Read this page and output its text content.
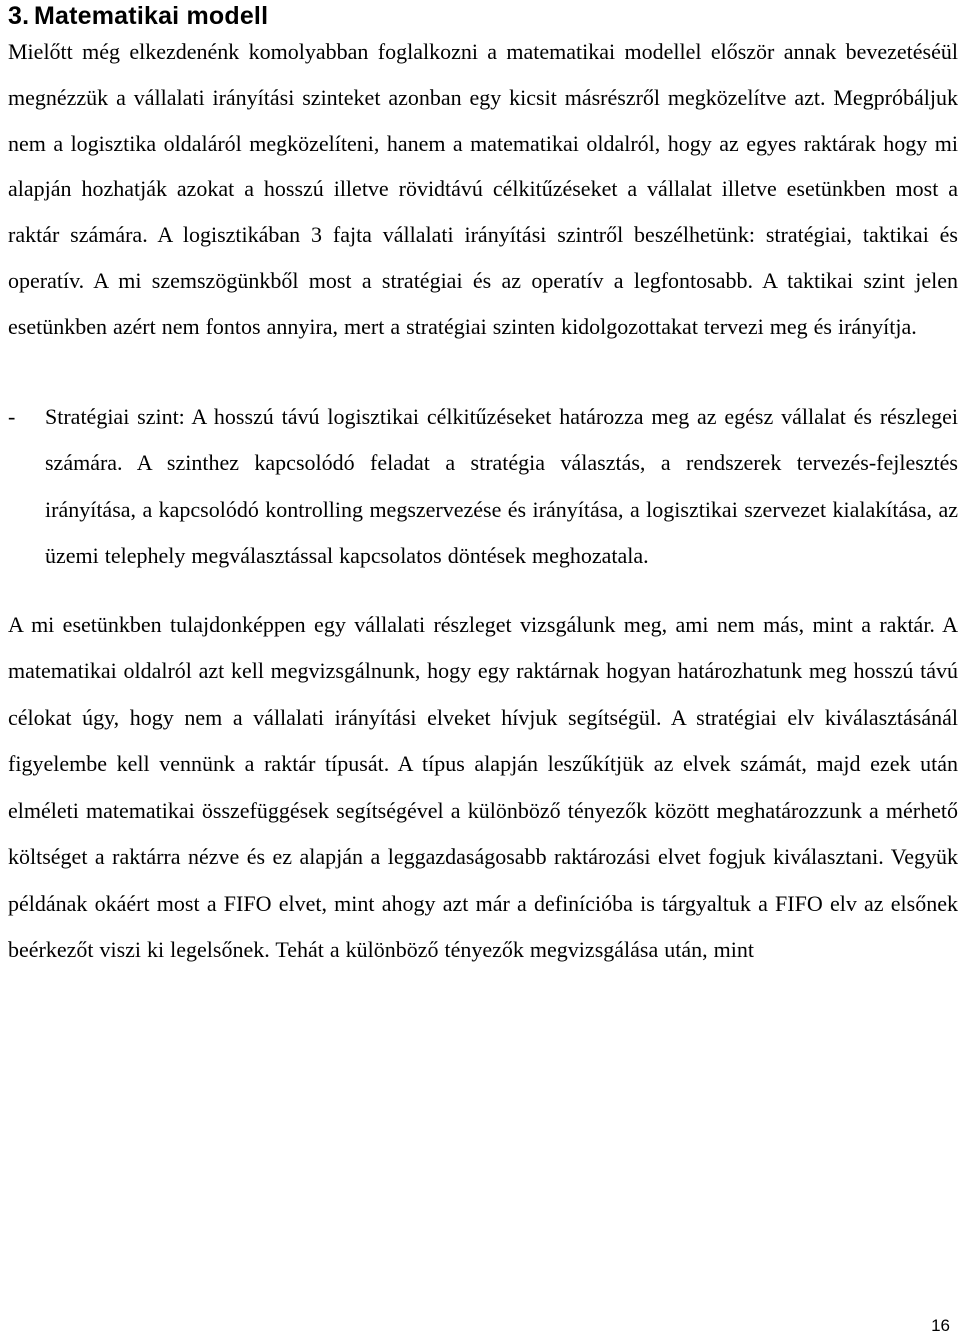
3. Matematikai modell

Mielőtt még elkezdenénk komolyabban foglalkozni a matematikai modellel először annak bevezetéséül megnézzük a vállalati irányítási szinteket azonban egy kicsit másrészről megközelítve azt. Megpróbáljuk nem a logisztika oldaláról megközelíteni, hanem a matematikai oldalról, hogy az egyes raktárak hogy mi alapján hozhatják azokat a hosszú illetve rövidtávú célkitűzéseket a vállalat illetve esetünkben most a raktár számára. A logisztikában 3 fajta vállalati irányítási szintről beszélhetünk: stratégiai, taktikai és operatív. A mi szemszögünkből most a stratégiai és az operatív a legfontosabb. A taktikai szint jelen esetünkben azért nem fontos annyira, mert a stratégiai szinten kidolgozottakat tervezi meg és irányítja.

- Stratégiai szint: A hosszú távú logisztikai célkitűzéseket határozza meg az egész vállalat és részlegei számára. A szinthez kapcsolódó feladat a stratégia választás, a rendszerek tervezés-fejlesztés irányítása, a kapcsolódó kontrolling megszervezése és irányítása, a logisztikai szervezet kialakítása, az üzemi telephely megválasztással kapcsolatos döntések meghozatala.

A mi esetünkben tulajdonképpen egy vállalati részleget vizsgálunk meg, ami nem más, mint a raktár. A matematikai oldalról azt kell megvizsgálnunk, hogy egy raktárnak hogyan határozhatunk meg hosszú távú célokat úgy, hogy nem a vállalati irányítási elveket hívjuk segítségül. A stratégiai elv kiválasztásánál figyelembe kell vennünk a raktár típusát. A típus alapján leszűkítjük az elvek számát, majd ezek után elméleti matematikai összefüggések segítségével a különböző tényezők között meghatározzunk a mérhető költséget a raktárra nézve és ez alapján a leggazdaságosabb raktározási elvet fogjuk kiválasztani. Vegyük példának okáért most a FIFO elvet, mint ahogy azt már a definícióba is tárgyaltuk a FIFO elv az elsőnek beérkezőt viszi ki legelsőnek. Tehát a különböző tényezők megvizsgálása után, mint

16
